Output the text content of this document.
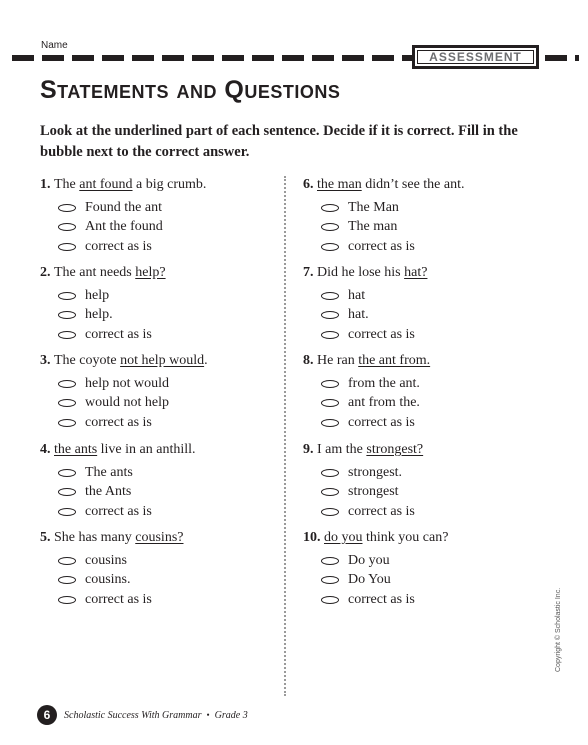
Name
ASSESSMENT
Statements and Questions
Look at the underlined part of each sentence. Decide if it is correct. Fill in the bubble next to the correct answer.
1. The ant found a big crumb.
Found the ant
Ant the found
correct as is
2. The ant needs help?
help
help.
correct as is
3. The coyote not help would.
help not would
would not help
correct as is
4. the ants live in an anthill.
The ants
the Ants
correct as is
5. She has many cousins?
cousins
cousins.
correct as is
6. the man didn’t see the ant.
The Man
The man
correct as is
7. Did he lose his hat?
hat
hat.
correct as is
8. He ran the ant from.
from the ant.
ant from the.
correct as is
9. I am the strongest?
strongest.
strongest
correct as is
10. do you think you can?
Do you
Do You
correct as is
6	Scholastic Success With Grammar • Grade 3
Copyright © Scholastic Inc.
